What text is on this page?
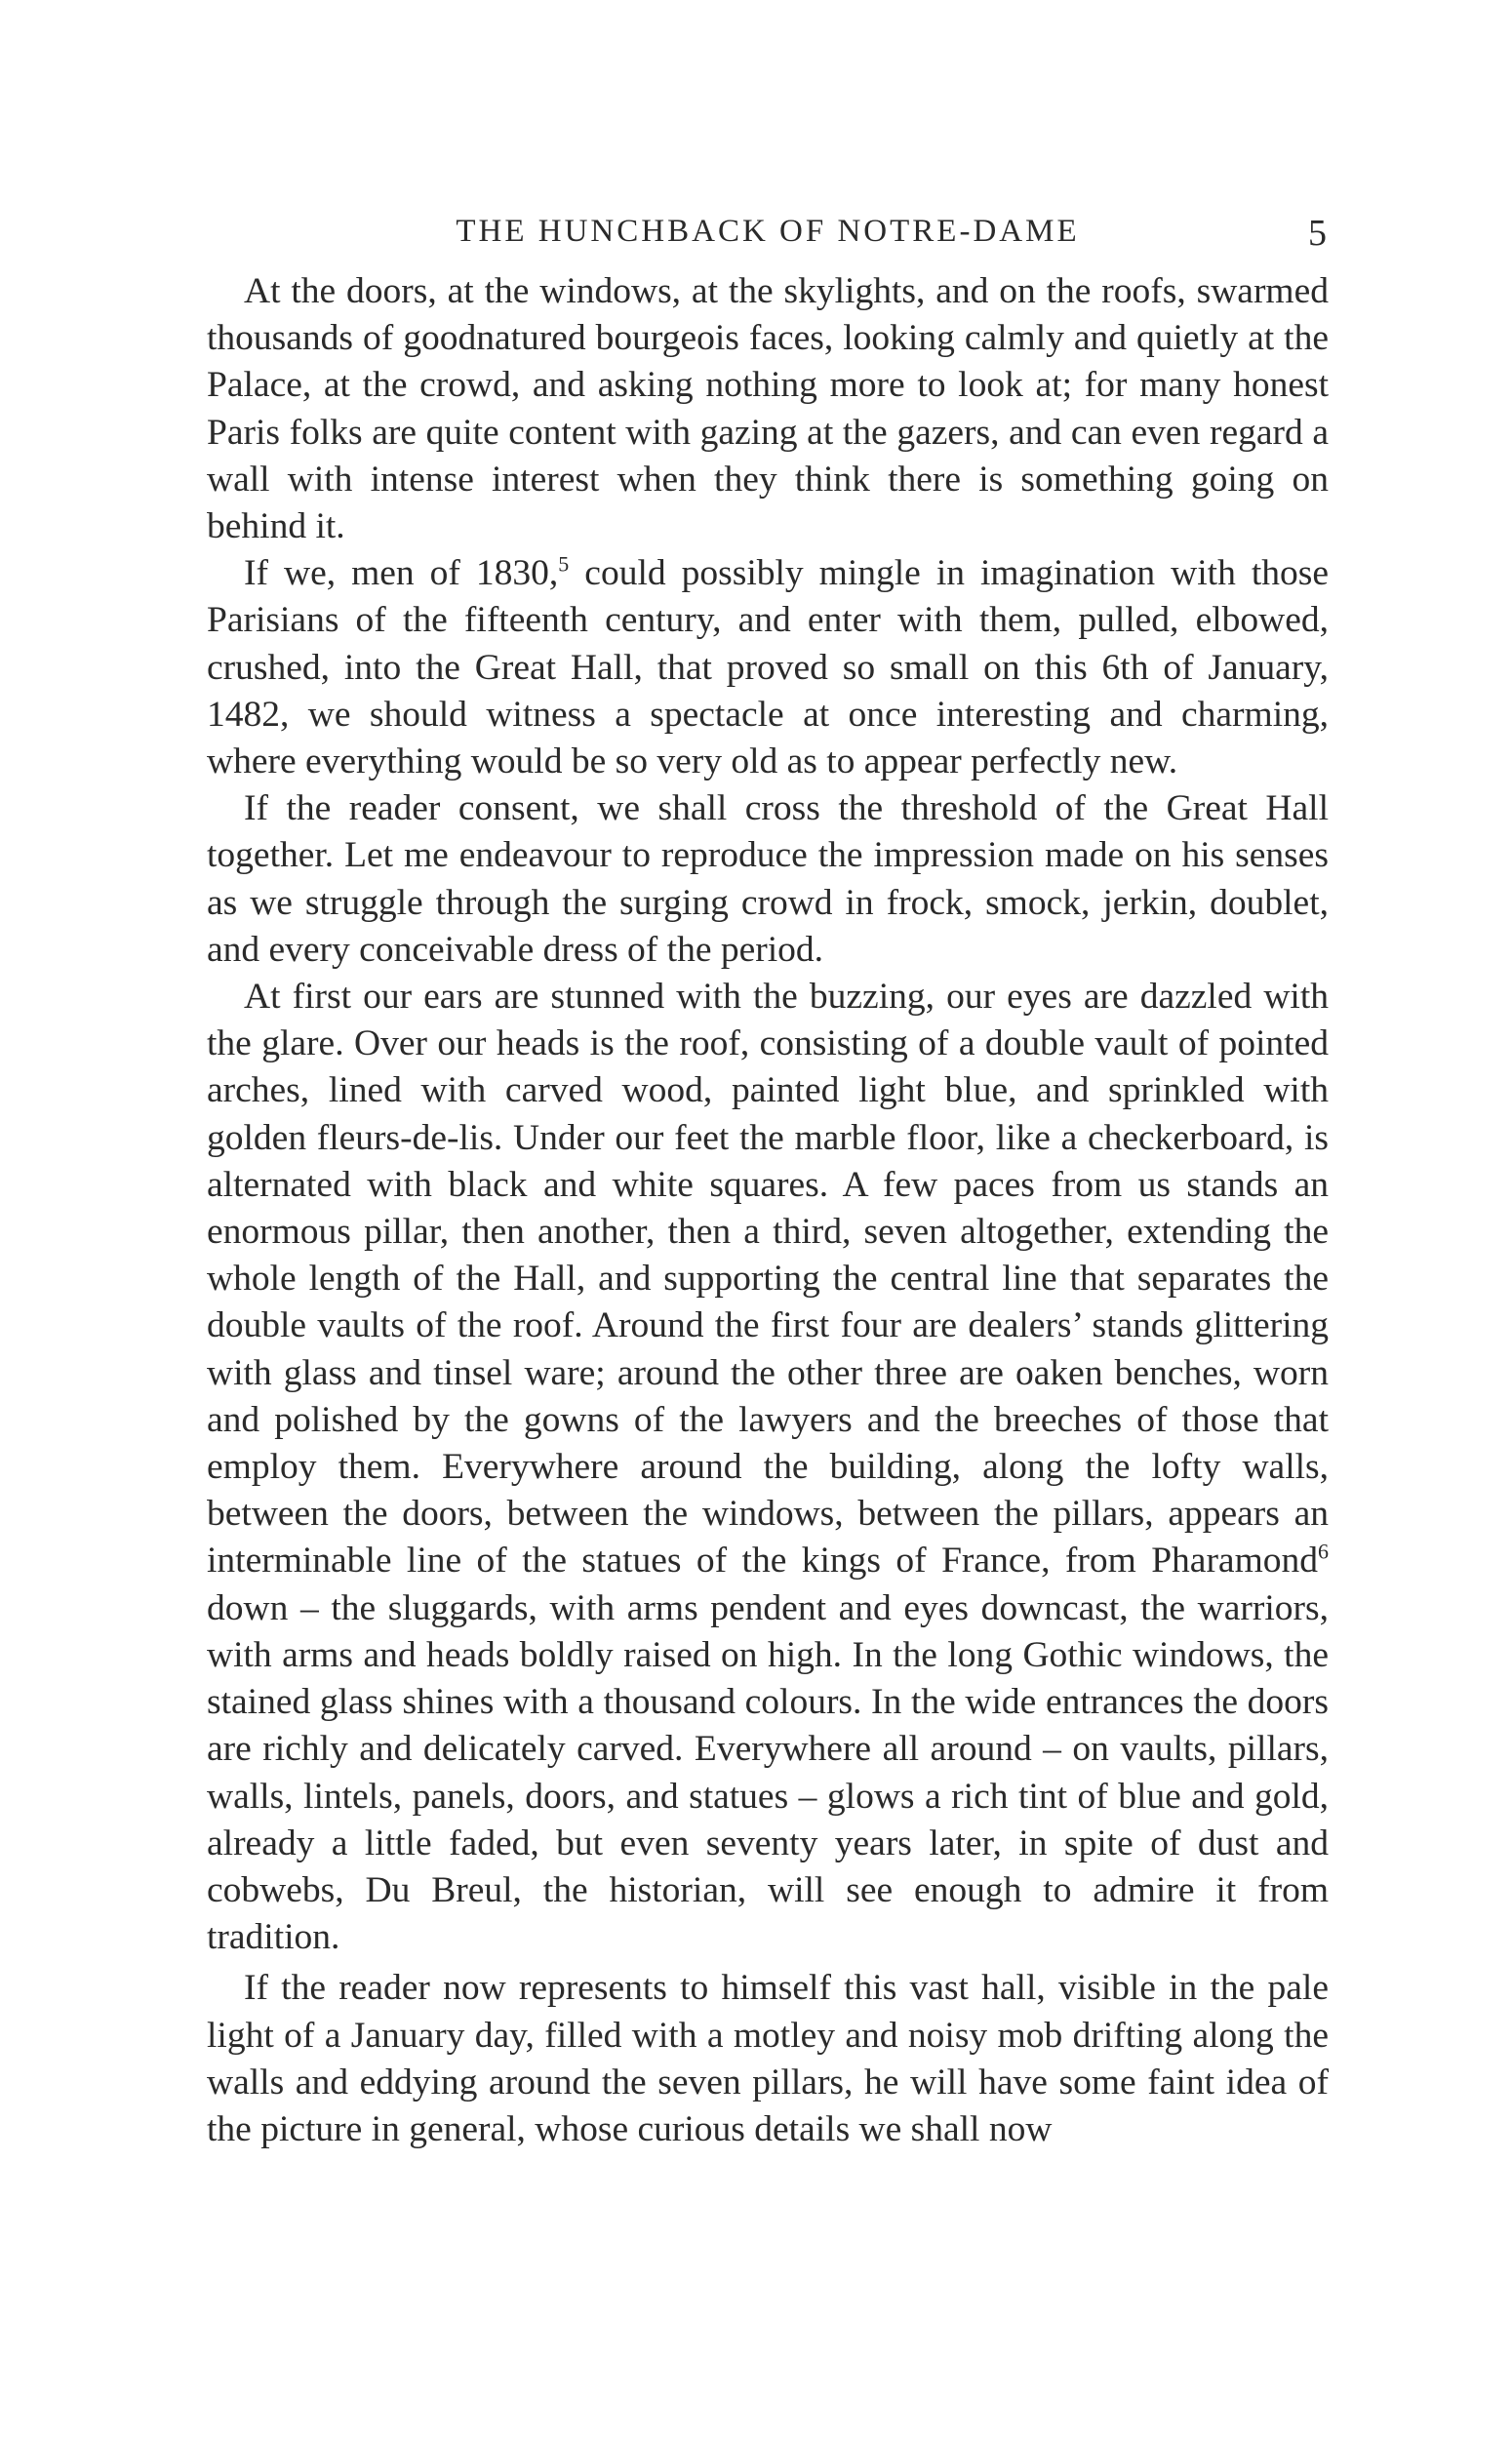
THE HUNCHBACK OF NOTRE-DAME	5

At the doors, at the windows, at the skylights, and on the roofs, swarmed thousands of goodnatured bourgeois faces, looking calmly and quietly at the Palace, at the crowd, and asking nothing more to look at; for many honest Paris folks are quite content with gazing at the gazers, and can even regard a wall with intense interest when they think there is something going on behind it.

If we, men of 1830,$^5$ could possibly mingle in imagination with those Parisians of the fifteenth century, and enter with them, pulled, elbowed, crushed, into the Great Hall, that proved so small on this 6th of January, 1482, we should witness a spectacle at once interesting and charming, where everything would be so very old as to appear perfectly new.

If the reader consent, we shall cross the threshold of the Great Hall together. Let me endeavour to reproduce the impression made on his senses as we struggle through the surging crowd in frock, smock, jerkin, doublet, and every conceivable dress of the period.

At first our ears are stunned with the buzzing, our eyes are dazzled with the glare. Over our heads is the roof, consisting of a double vault of pointed arches, lined with carved wood, painted light blue, and sprinkled with golden fleurs-de-lis. Under our feet the marble floor, like a checkerboard, is alternated with black and white squares. A few paces from us stands an enormous pillar, then another, then a third, seven altogether, extending the whole length of the Hall, and supporting the central line that separates the double vaults of the roof. Around the first four are dealers’ stands glittering with glass and tinsel ware; around the other three are oaken benches, worn and polished by the gowns of the lawyers and the breeches of those that employ them. Everywhere around the building, along the lofty walls, between the doors, between the windows, between the pillars, appears an interminable line of the statues of the kings of France, from Pharamond$^6$ down – the sluggards, with arms pendent and eyes downcast, the warriors, with arms and heads boldly raised on high. In the long Gothic windows, the stained glass shines with a thousand colours. In the wide entrances the doors are richly and delicately carved. Everywhere all around – on vaults, pillars, walls, lintels, panels, doors, and statues – glows a rich tint of blue and gold, already a little faded, but even seventy years later, in spite of dust and cobwebs, Du Breul, the historian, will see enough to admire it from tradition.

If the reader now represents to himself this vast hall, visible in the pale light of a January day, filled with a motley and noisy mob drifting along the walls and eddying around the seven pillars, he will have some faint idea of the picture in general, whose curious details we shall now
